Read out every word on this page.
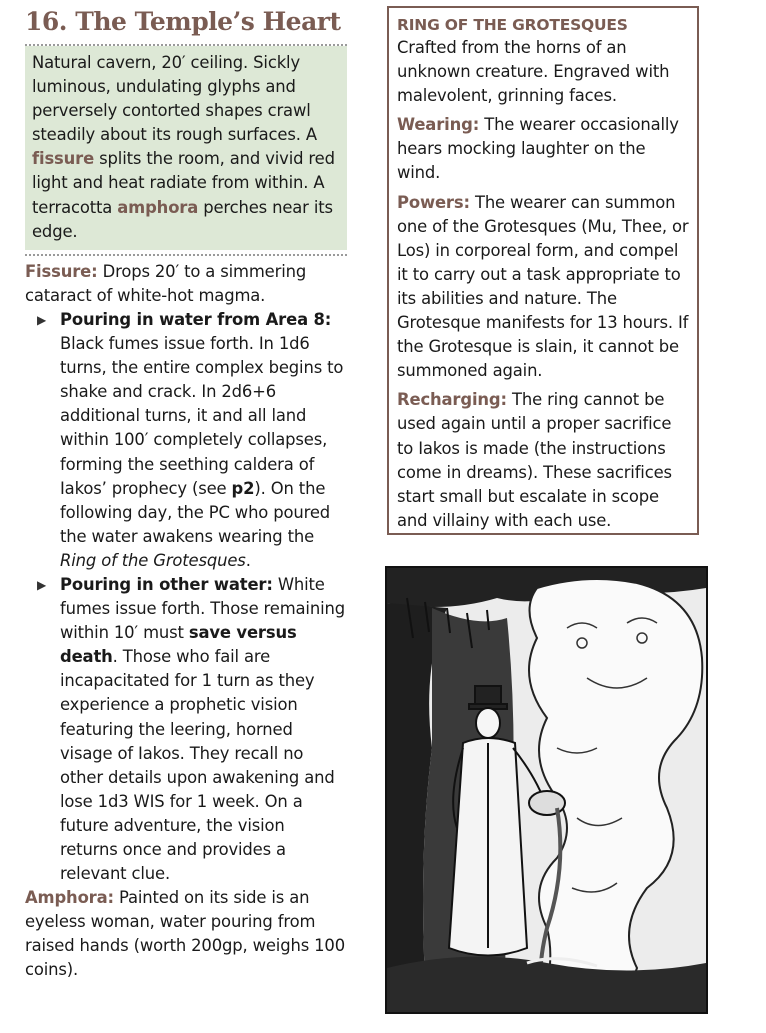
16. The Temple’s Heart
Natural cavern, 20′ ceiling. Sickly luminous, undulating glyphs and perversely contorted shapes crawl steadily about its rough surfaces. A fissure splits the room, and vivid red light and heat radiate from within. A terracotta amphora perches near its edge.

Fissure: Drops 20′ to a simmering cataract of white-hot magma.

▶ Pouring in water from Area 8: Black fumes issue forth. In 1d6 turns, the entire complex begins to shake and crack. In 2d6+6 additional turns, it and all land within 100′ completely collapses, forming the seething caldera of Iakos’ prophecy (see p2). On the following day, the PC who poured the water awakens wearing the Ring of the Grotesques.
▶ Pouring in other water: White fumes issue forth. Those remaining within 10′ must save versus death. Those who fail are incapacitated for 1 turn as they experience a prophetic vision featuring the leering, horned visage of Iakos. They recall no other details upon awakening and lose 1d3 WIS for 1 week. On a future adventure, the vision returns once and provides a relevant clue.

Amphora: Painted on its side is an eyeless woman, water pouring from raised hands (worth 200gp, weighs 100 coins).

RING OF THE GROTESQUES
Crafted from the horns of an unknown creature. Engraved with malevolent, grinning faces.
Wearing: The wearer occasionally hears mocking laughter on the wind.
Powers: The wearer can summon one of the Grotesques (Mu, Thee, or Los) in corporeal form, and compel it to carry out a task appropriate to its abilities and nature. The Grotesque manifests for 13 hours. If the Grotesque is slain, it cannot be summoned again.
Recharging: The ring cannot be used again until a proper sacrifice to Iakos is made (the instructions come in dreams). These sacrifices start small but escalate in scope and villainy with each use.
